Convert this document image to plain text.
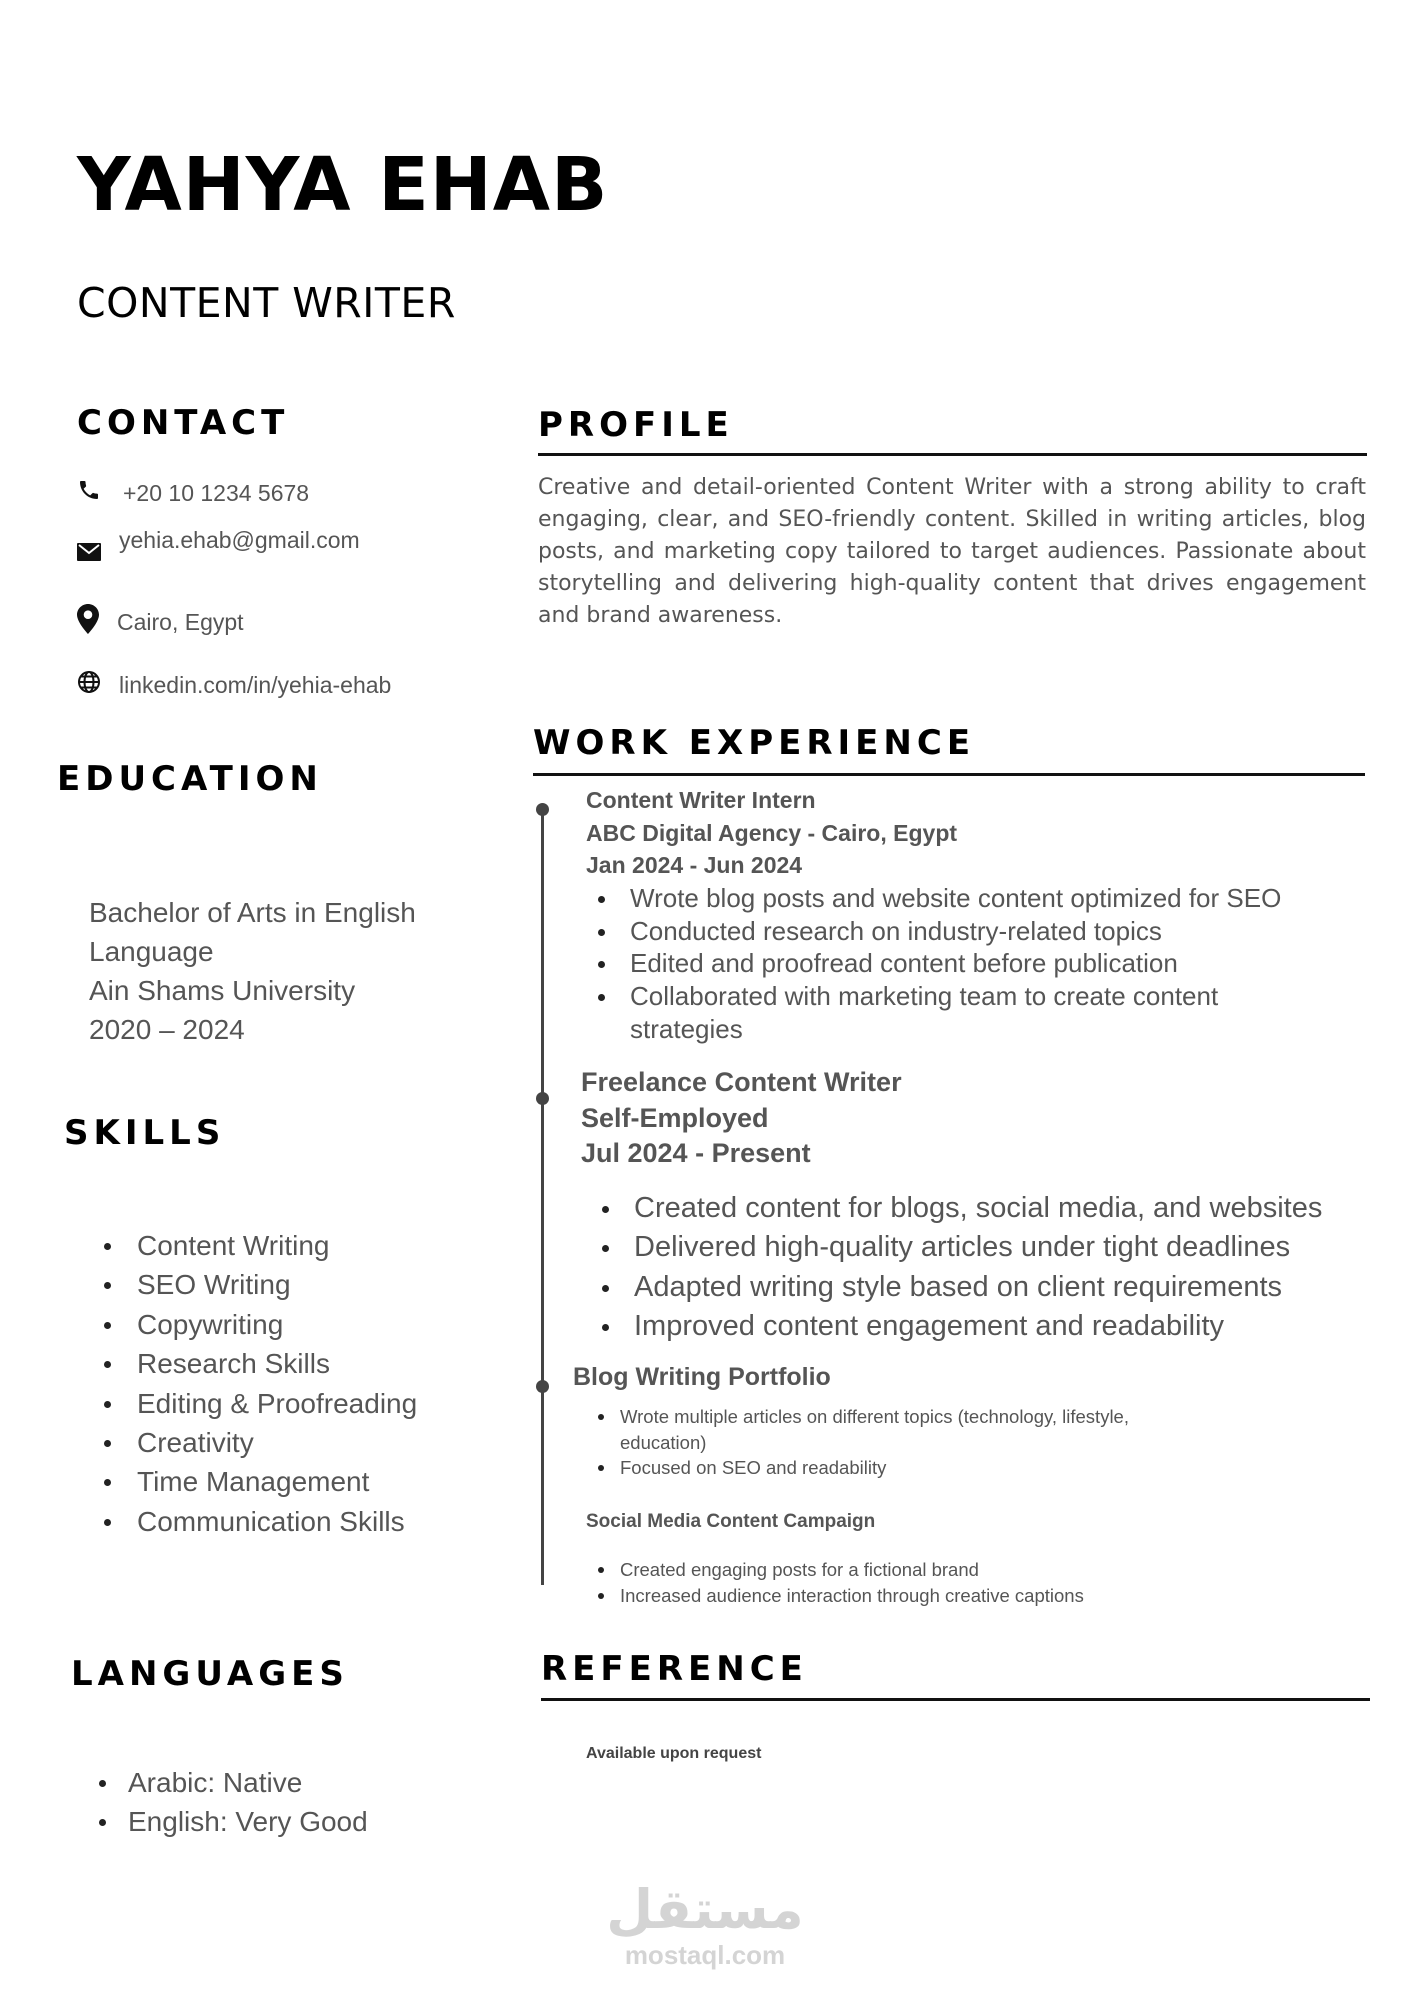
YAHYA EHAB
CONTENT WRITER
CONTACT
+20 10 1234 5678
yehia.ehab@gmail.com
Cairo, Egypt
linkedin.com/in/yehia-ehab
EDUCATION
Bachelor of Arts in English
Language
Ain Shams University
2020 – 2024
SKILLS
Content Writing
SEO Writing
Copywriting
Research Skills
Editing & Proofreading
Creativity
Time Management
Communication Skills
LANGUAGES
Arabic: Native
English: Very Good
PROFILE

Creative and detail-oriented Content Writer with a strong ability to craft engaging, clear, and SEO-friendly content. Skilled in writing articles, blog posts, and marketing copy tailored to target audiences. Passionate about storytelling and delivering high-quality content that drives engagement and brand awareness.

WORK EXPERIENCE
Content Writer Intern
ABC Digital Agency - Cairo, Egypt
Jan 2024 - Jun 2024
Wrote blog posts and website content optimized for SEO
Conducted research on industry-related topics
Edited and proofread content before publication
Collaborated with marketing team to create content strategies
Freelance Content Writer
Self-Employed
Jul 2024 - Present
Created content for blogs, social media, and websites
Delivered high-quality articles under tight deadlines
Adapted writing style based on client requirements
Improved content engagement and readability
Blog Writing Portfolio
Wrote multiple articles on different topics (technology, lifestyle, education)
Focused on SEO and readability
Social Media Content Campaign
Created engaging posts for a fictional brand
Increased audience interaction through creative captions
REFERENCE
Available upon request
مستقل
mostaql.com
